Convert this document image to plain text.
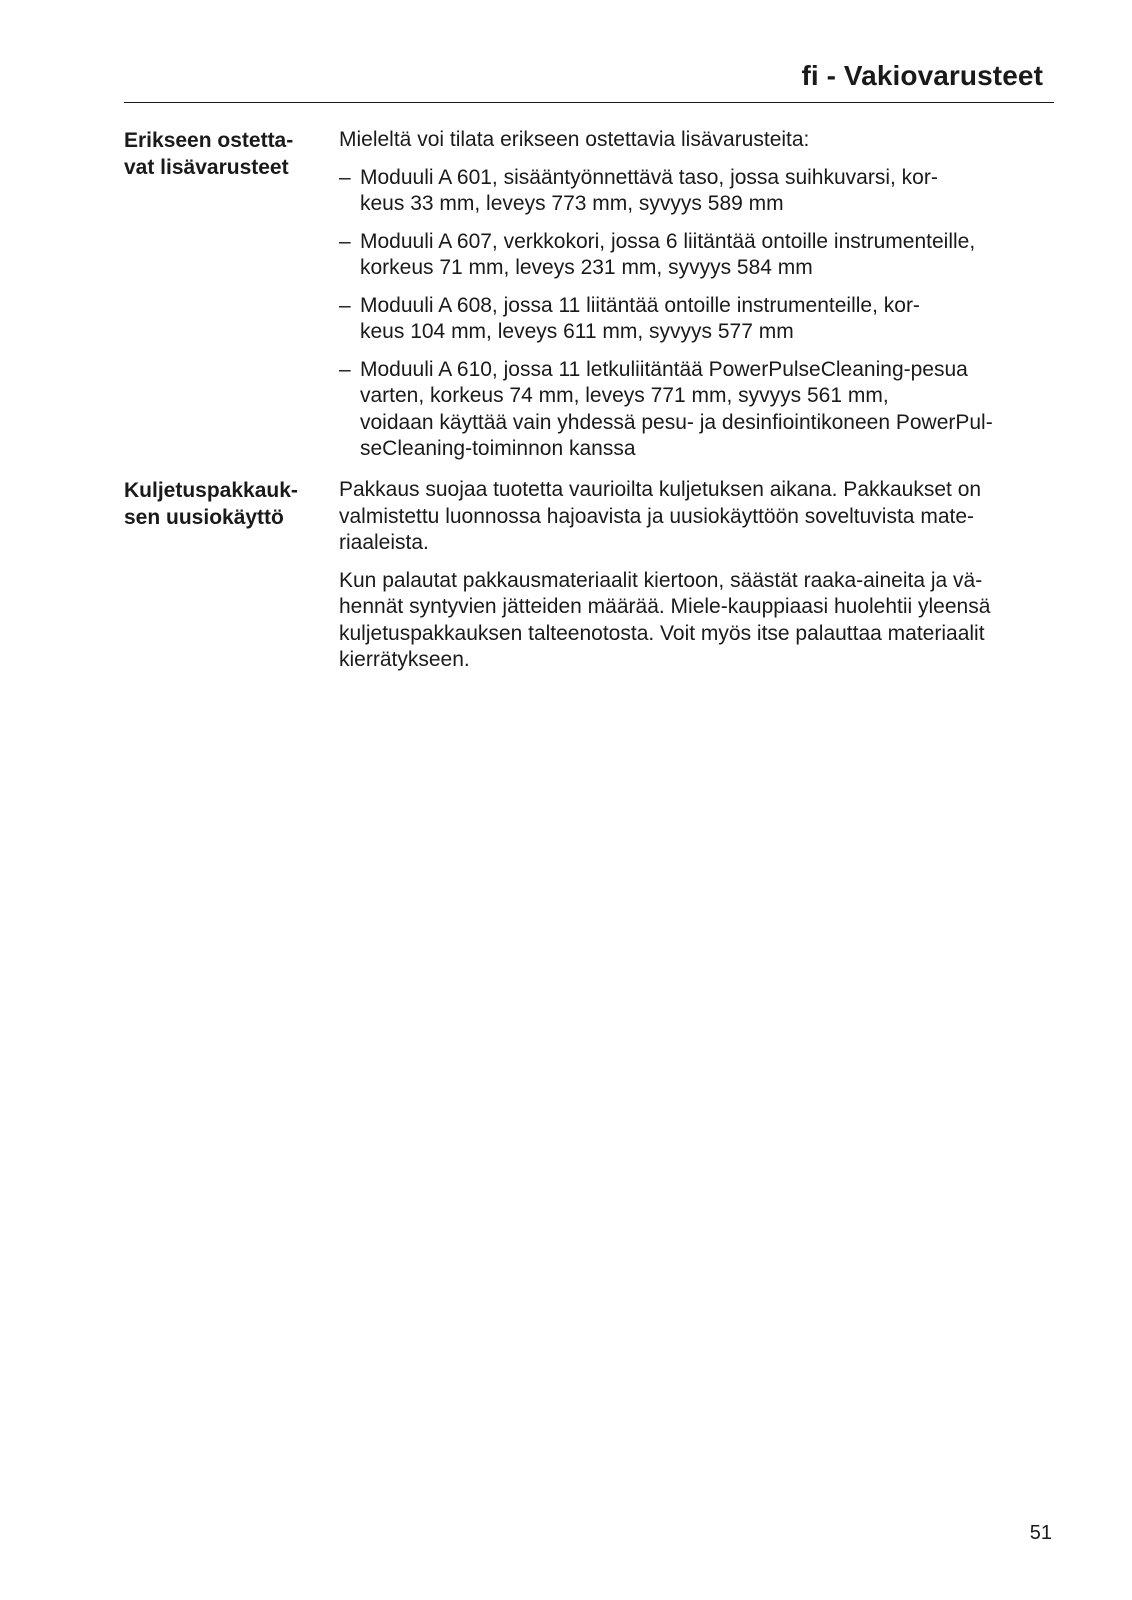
fi - Vakiovarusteet
Erikseen ostetta-
vat lisävarusteet

Mieleltä voi tilata erikseen ostettavia lisävarusteita:

– Moduuli A 601, sisääntyönnettävä taso, jossa suihkuvarsi, kor-
keus 33 mm, leveys 773 mm, syvyys 589 mm
– Moduuli A 607, verkkokori, jossa 6 liitäntää ontoille instrumenteille,
korkeus 71 mm, leveys 231 mm, syvyys 584 mm
– Moduuli A 608, jossa 11 liitäntää ontoille instrumenteille, kor-
keus 104 mm, leveys 611 mm, syvyys 577 mm
– Moduuli A 610, jossa 11 letkuliitäntää PowerPulseCleaning-pesua
varten, korkeus 74 mm, leveys 771 mm, syvyys 561 mm,
voidaan käyttää vain yhdessä pesu- ja desinfiointikoneen PowerPul-
seCleaning-toiminnon kanssa
Kuljetuspakkauk-
sen uusiokäyttö

Pakkaus suojaa tuotetta vaurioilta kuljetuksen aikana. Pakkaukset on
valmistettu luonnossa hajoavista ja uusiokäyttöön soveltuvista mate-
riaaleista.

Kun palautat pakkausmateriaalit kiertoon, säästät raaka-aineita ja vä-
hennät syntyvien jätteiden määrää. Miele-kauppiaasi huolehtii yleensä
kuljetuspakkauksen talteenotosta. Voit myös itse palauttaa materiaalit
kierrätykseen.

51
